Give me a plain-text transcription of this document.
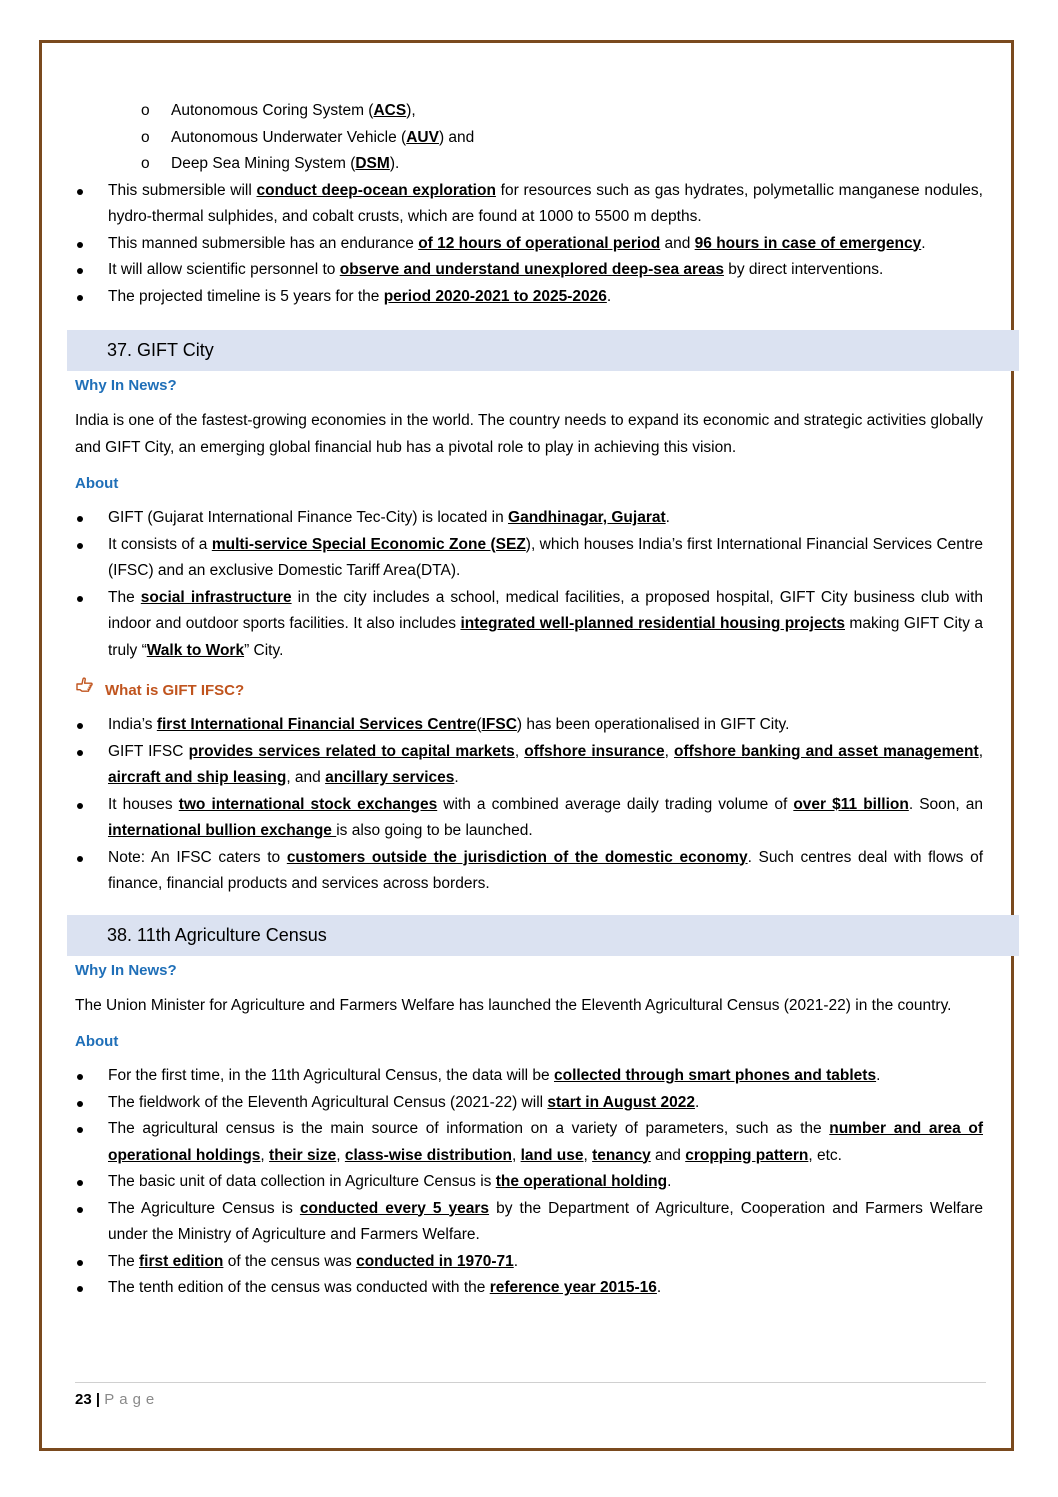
o Autonomous Coring System (ACS),
o Autonomous Underwater Vehicle (AUV) and
o Deep Sea Mining System (DSM).
This submersible will conduct deep-ocean exploration for resources such as gas hydrates, polymetallic manganese nodules, hydro-thermal sulphides, and cobalt crusts, which are found at 1000 to 5500 m depths.
This manned submersible has an endurance of 12 hours of operational period and 96 hours in case of emergency.
It will allow scientific personnel to observe and understand unexplored deep-sea areas by direct interventions.
The projected timeline is 5 years for the period 2020-2021 to 2025-2026.
37. GIFT City
Why In News?

India is one of the fastest-growing economies in the world. The country needs to expand its economic and strategic activities globally and GIFT City, an emerging global financial hub has a pivotal role to play in achieving this vision.

About
GIFT (Gujarat International Finance Tec-City) is located in Gandhinagar, Gujarat.
It consists of a multi-service Special Economic Zone (SEZ), which houses India’s first International Financial Services Centre (IFSC) and an exclusive Domestic Tariff Area(DTA).
The social infrastructure in the city includes a school, medical facilities, a proposed hospital, GIFT City business club with indoor and outdoor sports facilities. It also includes integrated well-planned residential housing projects making GIFT City a truly “Walk to Work” City.
What is GIFT IFSC?
India’s first International Financial Services Centre(IFSC) has been operationalised in GIFT City.
GIFT IFSC provides services related to capital markets, offshore insurance, offshore banking and asset management, aircraft and ship leasing, and ancillary services.
It houses two international stock exchanges with a combined average daily trading volume of over $11 billion. Soon, an international bullion exchange is also going to be launched.
Note: An IFSC caters to customers outside the jurisdiction of the domestic economy. Such centres deal with flows of finance, financial products and services across borders.
38. 11th Agriculture Census
Why In News?

The Union Minister for Agriculture and Farmers Welfare has launched the Eleventh Agricultural Census (2021-22) in the country.

About
For the first time, in the 11th Agricultural Census, the data will be collected through smart phones and tablets.
The fieldwork of the Eleventh Agricultural Census (2021-22) will start in August 2022.
The agricultural census is the main source of information on a variety of parameters, such as the number and area of operational holdings, their size, class-wise distribution, land use, tenancy and cropping pattern, etc.
The basic unit of data collection in Agriculture Census is the operational holding.
The Agriculture Census is conducted every 5 years by the Department of Agriculture, Cooperation and Farmers Welfare under the Ministry of Agriculture and Farmers Welfare.
The first edition of the census was conducted in 1970-71.
The tenth edition of the census was conducted with the reference year 2015-16.
23 | Page
